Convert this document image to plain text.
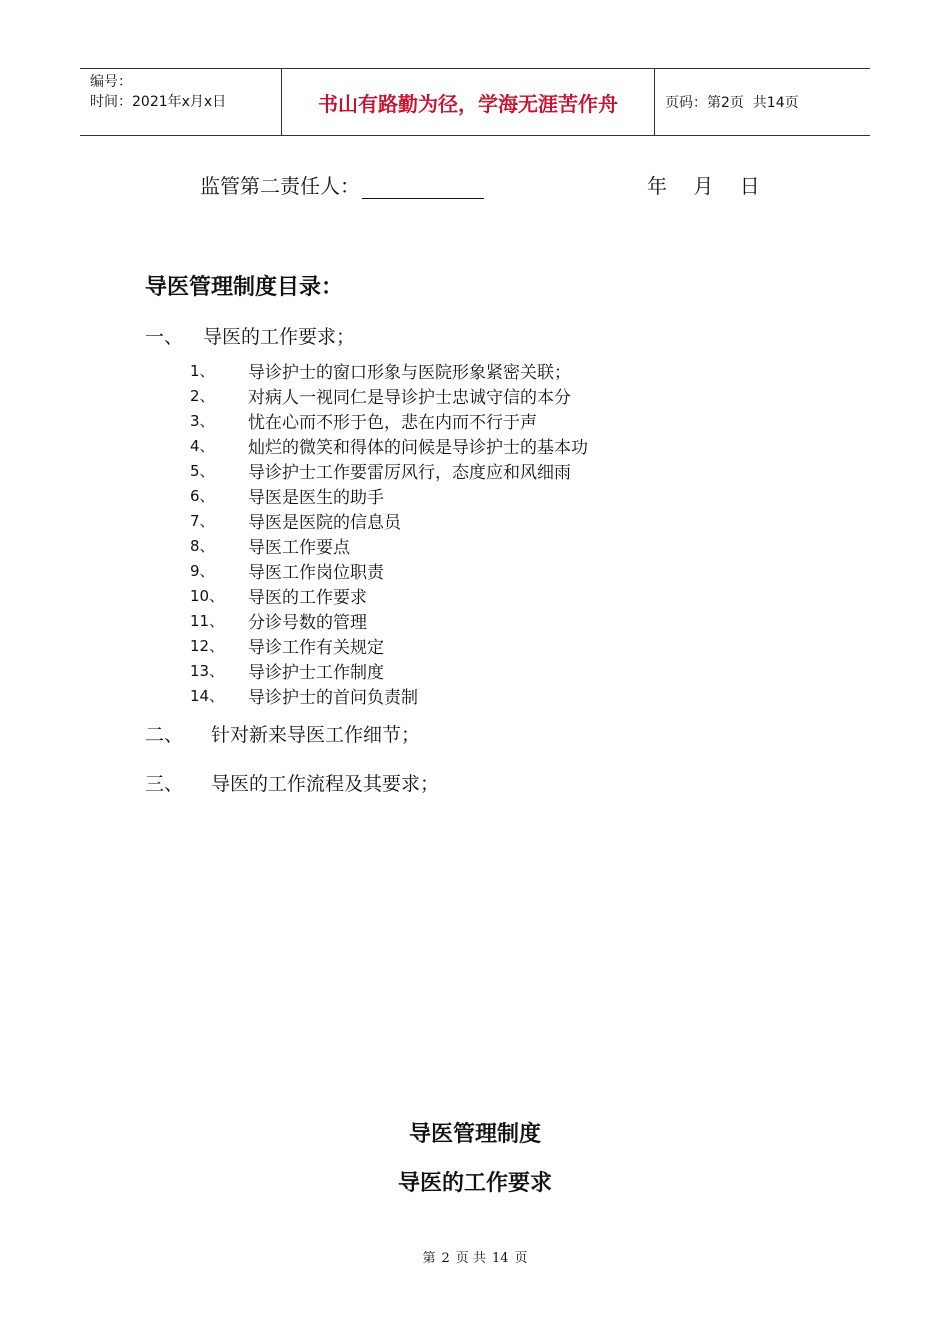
编号：
时间：2021年x月x日	书山有路勤为径，学海无涯苦作舟	页码：第2页  共14页
监管第二责任人：	年 月 日
导医管理制度目录：
一、	导医的工作要求；
1、	导诊护士的窗口形象与医院形象紧密关联；
2、	对病人一视同仁是导诊护士忠诚守信的本分
3、	忧在心而不形于色，悲在内而不行于声
4、	灿烂的微笑和得体的问候是导诊护士的基本功
5、	导诊护士工作要雷厉风行，态度应和风细雨
6、	导医是医生的助手
7、	导医是医院的信息员
8、	导医工作要点
9、	导医工作岗位职责
10、	导医的工作要求
11、	分诊号数的管理
12、	导诊工作有关规定
13、	导诊护士工作制度
14、	导诊护士的首问负责制
二、	针对新来导医工作细节；
三、	导医的工作流程及其要求；
导医管理制度
导医的工作要求
第 2 页 共 14 页
